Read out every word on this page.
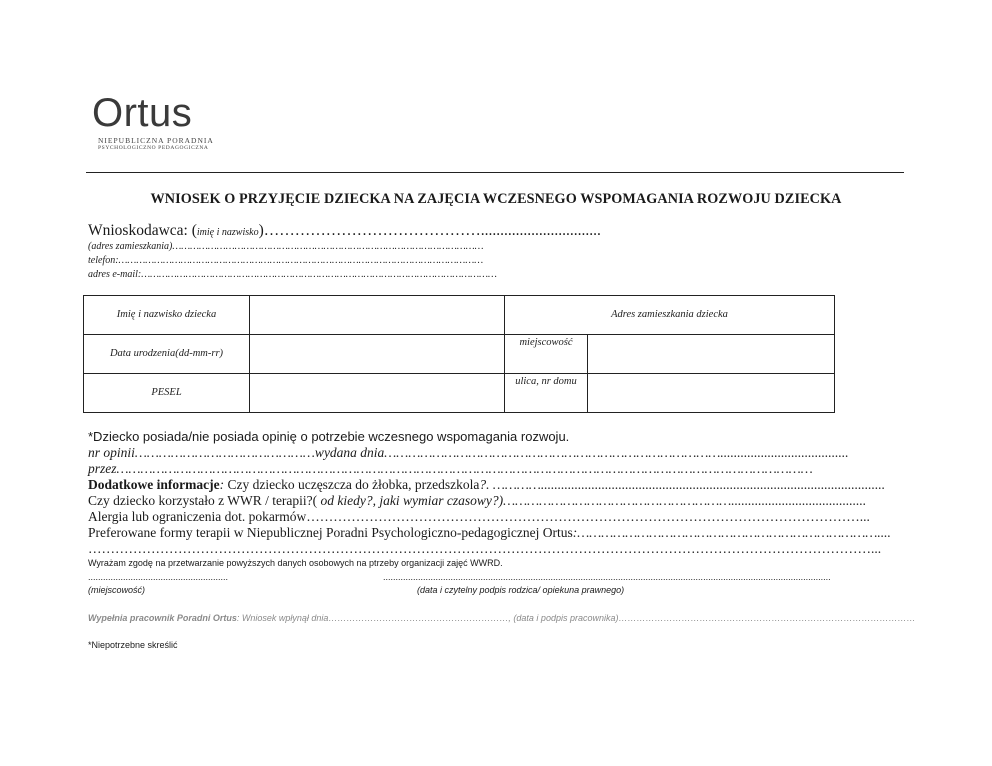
Ortus
NIEPUBLICZNA PORADNIA
PSYCHOLOGICZNO PEDAGOGICZNA
WNIOSEK O PRZYJĘCIE DZIECKA NA ZAJĘCIA WCZESNEGO WSPOMAGANIA ROZWOJU DZIECKA
Wnioskodawca: (imię i nazwisko)……………………………………...............................
(adres zamieszkania)……………………………………………………………………………………………
telefon:……………………………………………………………………………………………………………
adres e-mail:…………………………………………………………………………………………………………
Imię i nazwisko dziecka
Data urodzenia(dd-mm-rr)
PESEL
Adres zamieszkania dziecka
miejscowość
ulica, nr domu
*Dziecko posiada/nie posiada opinię o potrzebie wczesnego wspomagania rozwoju.
nr opinii………………………………………wydana dnia…………………………………………………………………………......................................
przez…………………………………………………………………………………………………………………………………………………………
Dodatkowe informacje: Czy dziecko uczęszcza do żłobka, przedszkola?. …………......................................................................................................
Czy dziecko korzystało z WWR / terapii?( od kiedy?, jaki wymiar czasowy?)…………………………………………………........................................
Alergia lub ograniczenia dot. pokarmów……………………………………………………………………………………………………………...
Preferowane formy terapii w Niepublicznej Poradni Psychologiczno-pedagogicznej Ortus:…………………………………………………………………....
…………………………………………………………………………………………………………………………………………………………...
Wyrażam zgodę na przetwarzanie powyższych danych osobowych na ptrzeby organizacji zajęć WWRD.
........................................................	...................................................................................................................................................................................
(miejscowość)	(data i czytelny podpis rodzica/ opiekuna prawnego)
Wypełnia pracownik Poradni Ortus: Wniosek wpłynął dnia……………………………………………………, (data i podpis pracownika)………………………………………………………………………………………
*Niepotrzebne skreślić
